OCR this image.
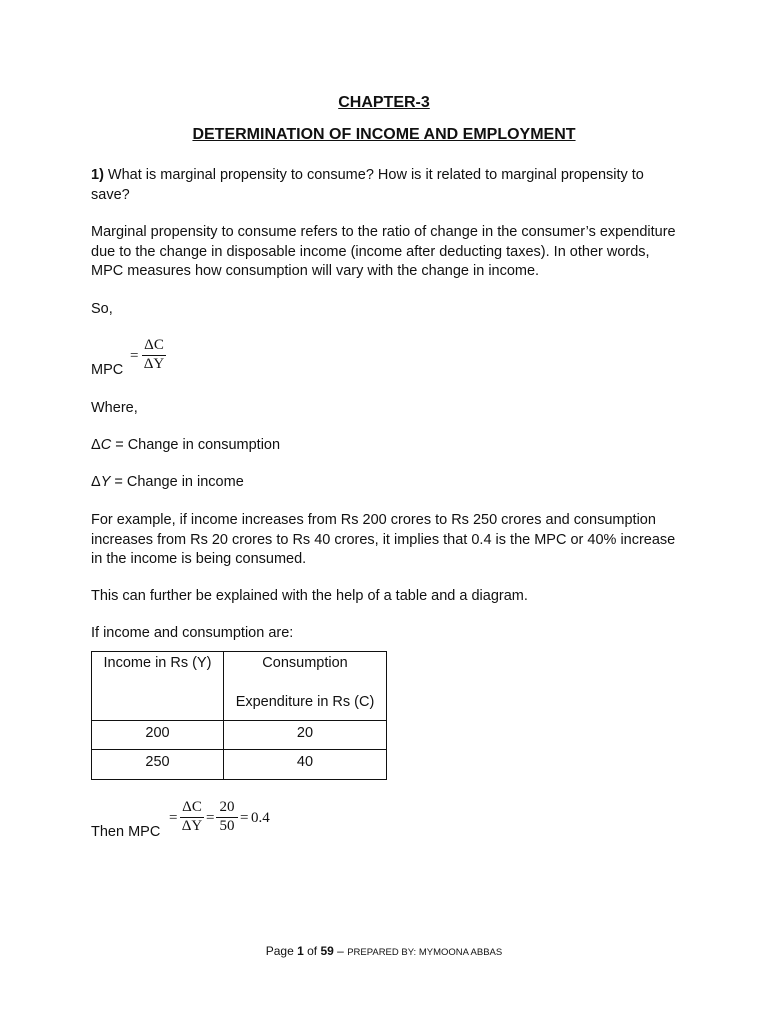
CHAPTER-3
DETERMINATION OF INCOME AND EMPLOYMENT
1) What is marginal propensity to consume? How is it related to marginal propensity to save?
Marginal propensity to consume refers to the ratio of change in the consumer’s expenditure due to the change in disposable income (income after deducting taxes). In other words, MPC measures how consumption will vary with the change in income.
So,
MPC
=
ΔC
ΔY
Where,
ΔC = Change in consumption
ΔY = Change in income
For example, if income increases from Rs 200 crores to Rs 250 crores and consumption increases from Rs 20 crores to Rs 40 crores, it implies that 0.4 is the MPC or 40% increase in the income is being consumed.
This can further be explained with the help of a table and a diagram.
If income and consumption are:
Income in Rs (Y)	Consumption
Expenditure in Rs (C)

200	20
250	40
Then MPC
=
ΔC
ΔY =
20
50 = 0.4
Page 1 of 59 – PREPARED BY: MYMOONA ABBAS
